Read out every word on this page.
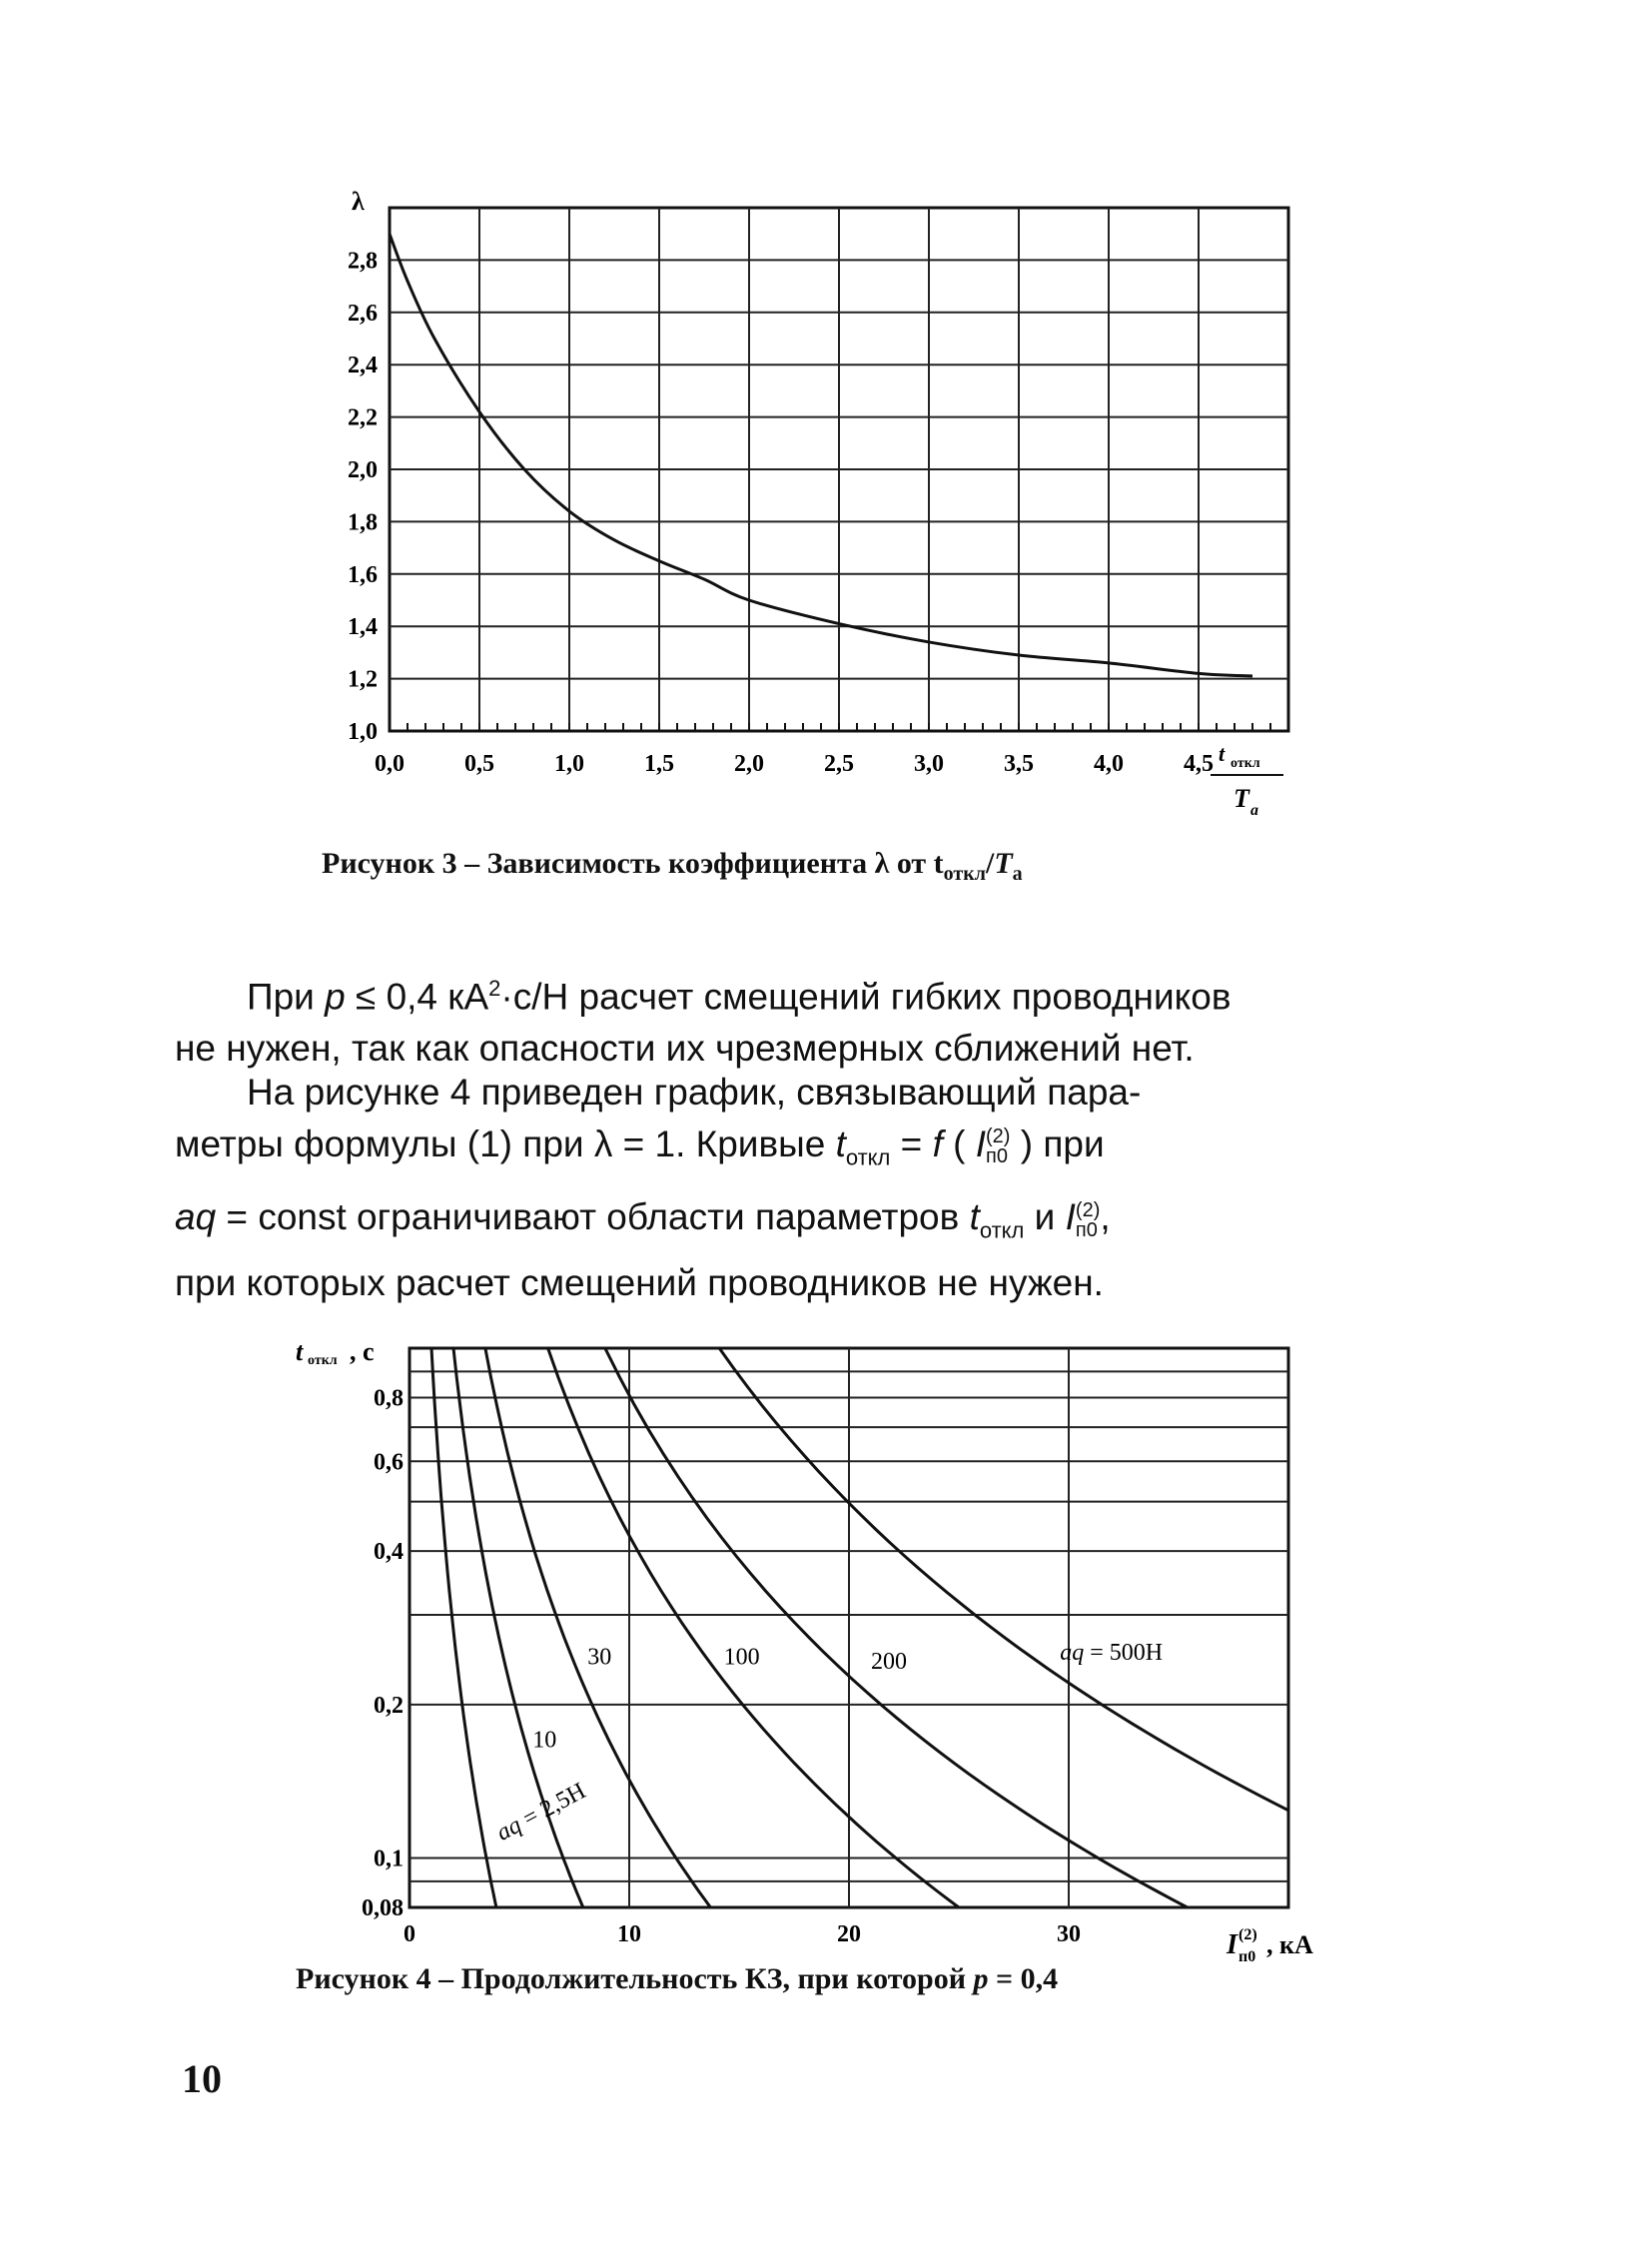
0,0	0,5	1,0	1,5	2,0	2,5	3,0	3,5	4,0	4,5
1,0
1,2
1,4
1,6
1,8
2,0
2,2
2,4
2,6
2,8
λ
t откл
T a
Рисунок 3 – Зависимость коэффициента λ от $t_{откл}/T_a$
При p ≤ 0,4 $кА^2\cdot с/Н$ расчет смещений гибких проводников
не нужен, так как опасности их чрезмерных сближений нет.
На рисунке 4 приведен график, связывающий пара-
метры формулы (1) при λ = 1. Кривые $t_{откл} = f$ ( I (2)
п0 ) при
aq = const ограничивают области параметров $t_{откл}$ и I (2)
п0 ,
при которых расчет смещений проводников не нужен.
0,08
0,1
0,2
0,4
0,6
0,8
0	10	20	30
aq = 2,5Н
10
30	100	200	aq = 500Н
t откл , с
I (2)
п0 , кА
Рисунок 4 – Продолжительность КЗ, при которой p = 0,4
10
